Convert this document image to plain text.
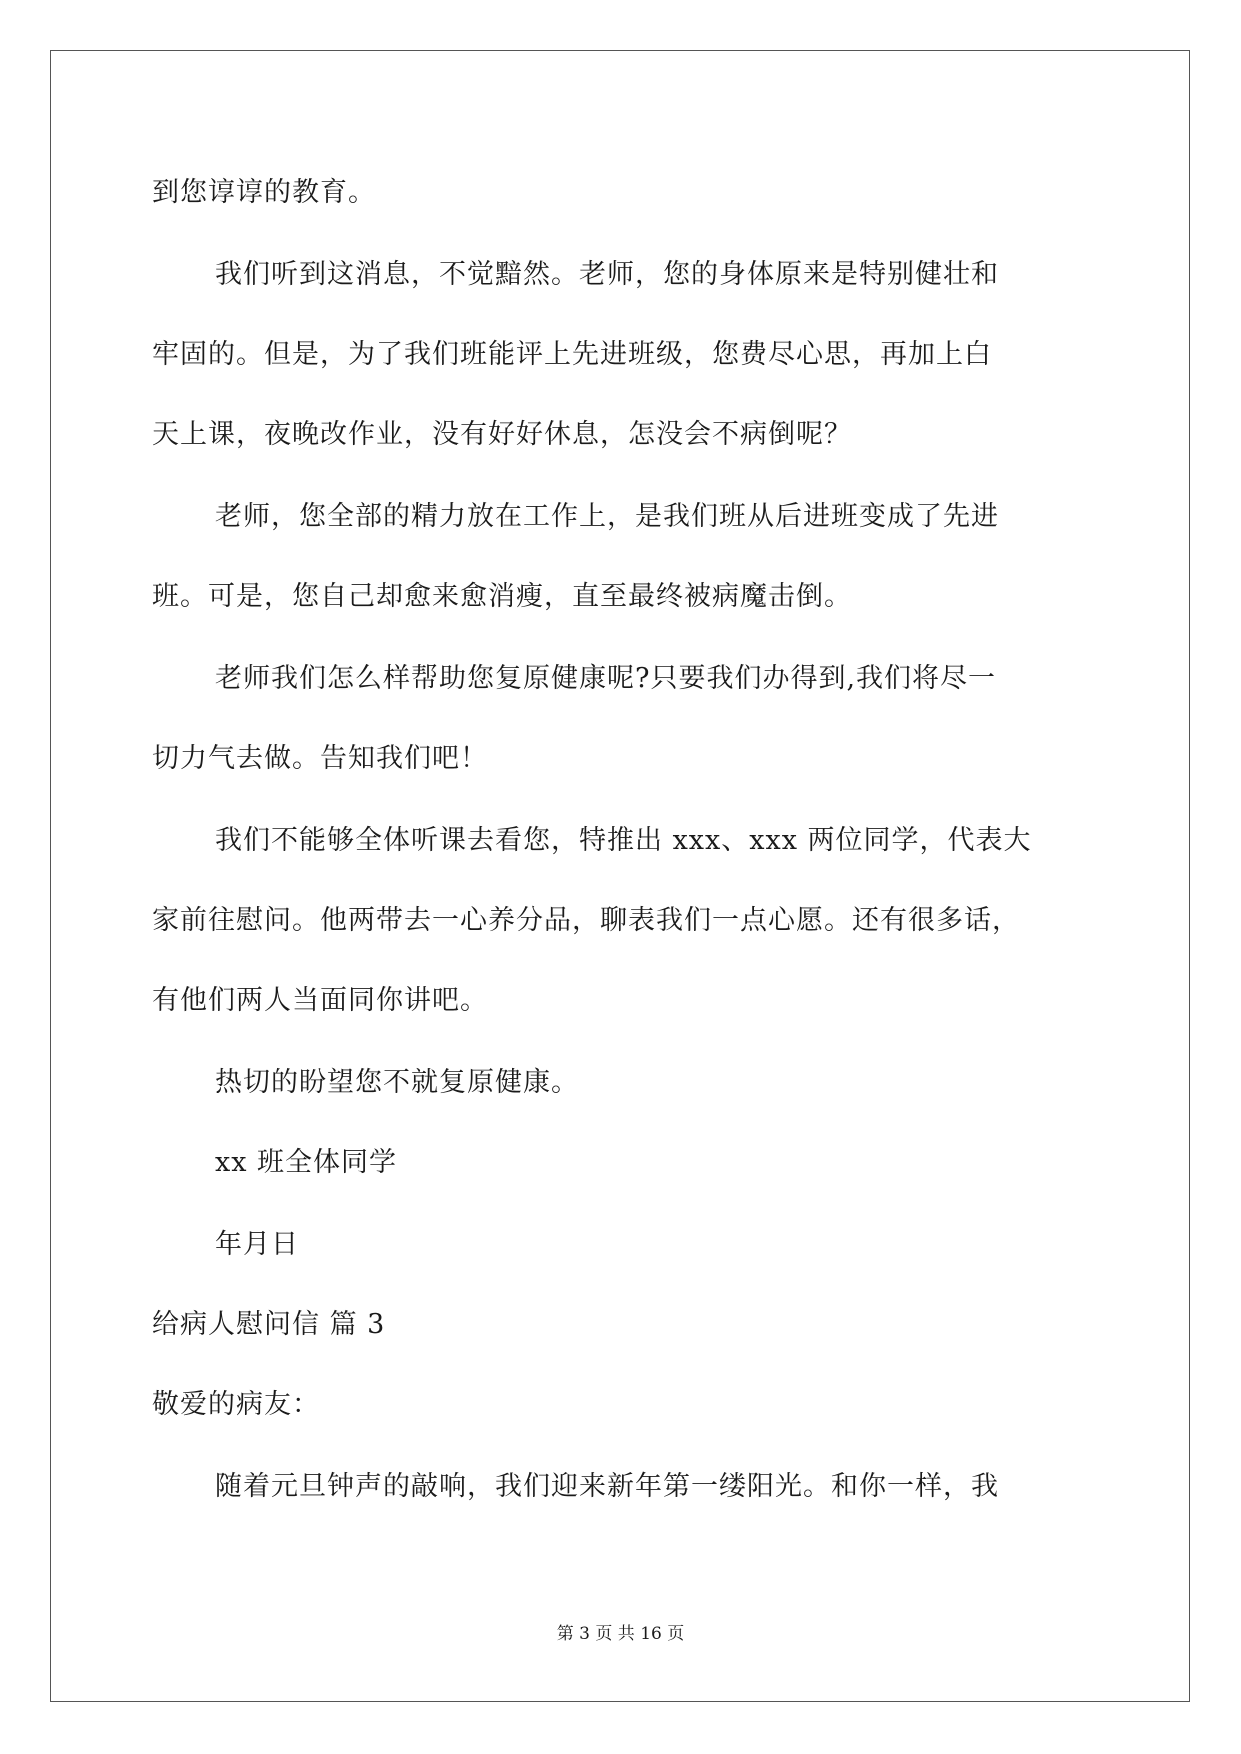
到您谆谆的教育。

我们听到这消息，不觉黯然。老师，您的身体原来是特别健壮和

牢固的。但是，为了我们班能评上先进班级，您费尽心思，再加上白

天上课，夜晚改作业，没有好好休息，怎没会不病倒呢？

老师，您全部的精力放在工作上，是我们班从后进班变成了先进

班。可是，您自己却愈来愈消瘦，直至最终被病魔击倒。

老师我们怎么样帮助您复原健康呢?只要我们办得到,我们将尽一

切力气去做。告知我们吧！

我们不能够全体听课去看您，特推出 xxx、xxx 两位同学，代表大

家前往慰问。他两带去一心养分品，聊表我们一点心愿。还有很多话，

有他们两人当面同你讲吧。

热切的盼望您不就复原健康。

xx 班全体同学

年月日

给病人慰问信 篇 3

敬爱的病友：

随着元旦钟声的敲响，我们迎来新年第一缕阳光。和你一样，我

第 3 页 共 16 页
